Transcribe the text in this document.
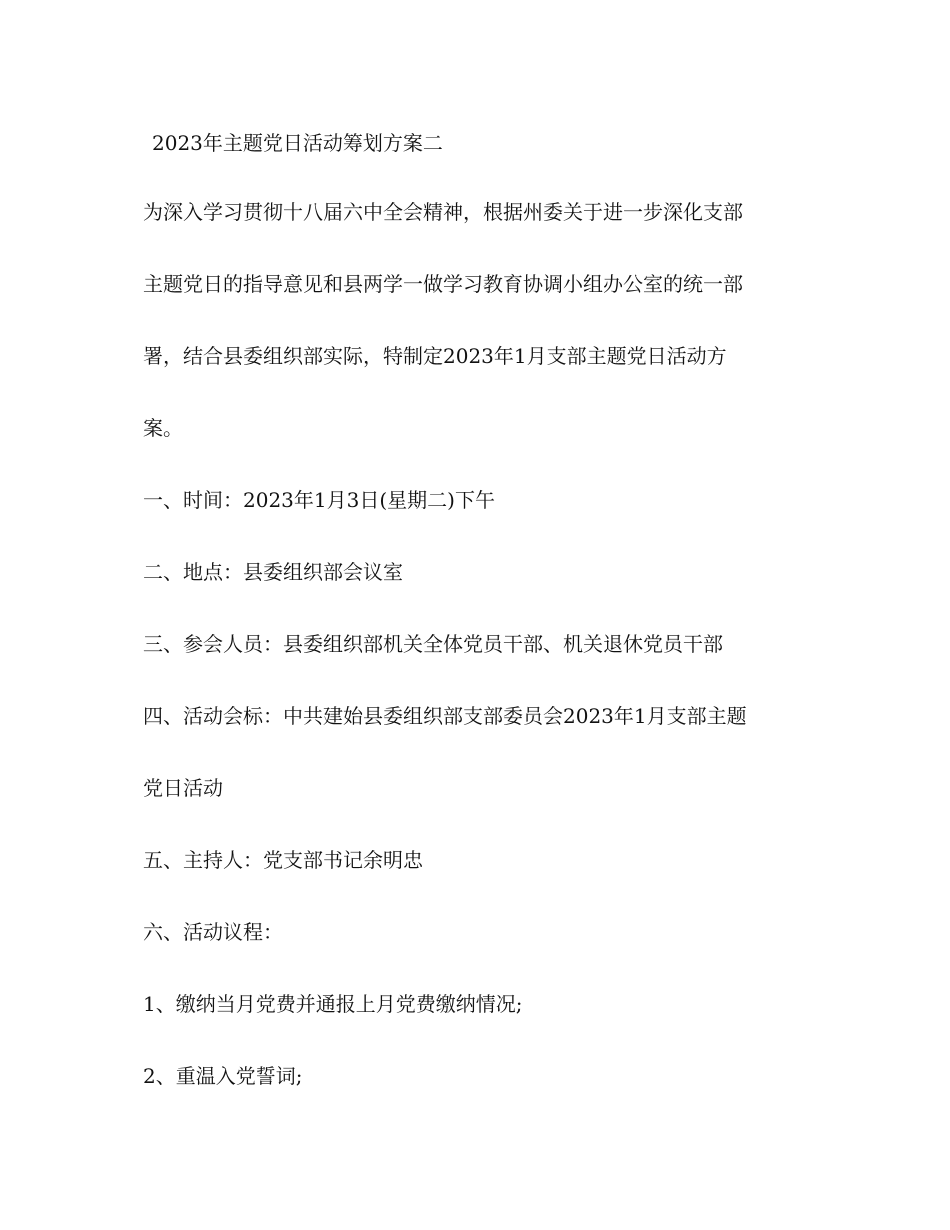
2023年主题党日活动筹划方案二
为深入学习贯彻十八届六中全会精神，根据州委关于进一步深化支部
主题党日的指导意见和县两学一做学习教育协调小组办公室的统一部
署，结合县委组织部实际，特制定2023年1月支部主题党日活动方
案。
一、时间：2023年1月3日(星期二)下午
二、地点：县委组织部会议室
三、参会人员：县委组织部机关全体党员干部、机关退休党员干部
四、活动会标：中共建始县委组织部支部委员会2023年1月支部主题
党日活动
五、主持人：党支部书记余明忠
六、活动议程：
1、缴纳当月党费并通报上月党费缴纳情况;
2、重温入党誓词;
